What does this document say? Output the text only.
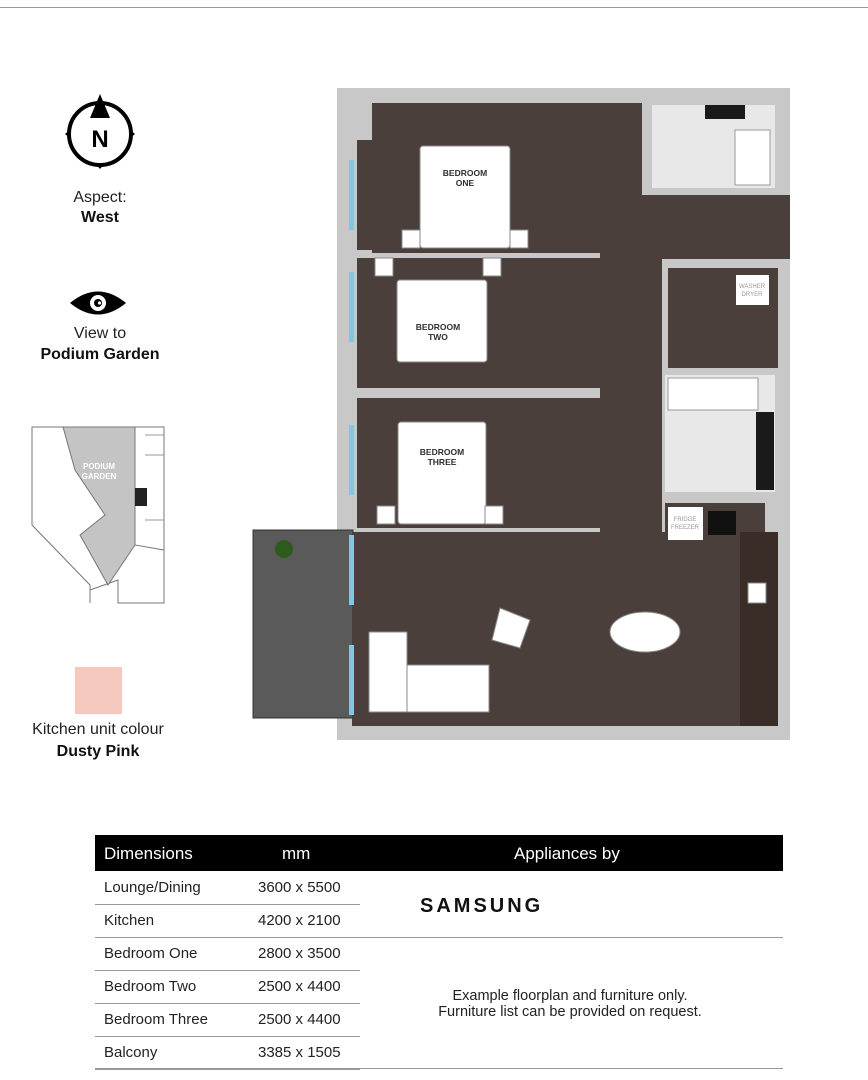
N
Aspect:
West
View to
Podium Garden
PODIUM GARDEN
Kitchen unit colour
Dusty Pink
BEDROOM
ONE
BEDROOM
TWO
BEDROOM
THREE
WASHER
DRYER
FRIDGE
FREEZER
Dimensions	mm	Appliances by
Lounge/Dining	3600 x 5500
Kitchen	4200 x 2100
Bedroom One	2800 x 3500
Bedroom Two	2500 x 4400
Bedroom Three	2500 x 4400
Balcony	3385 x 1505
SAMSUNG
Example floorplan and furniture only.
Furniture list can be provided on request.
